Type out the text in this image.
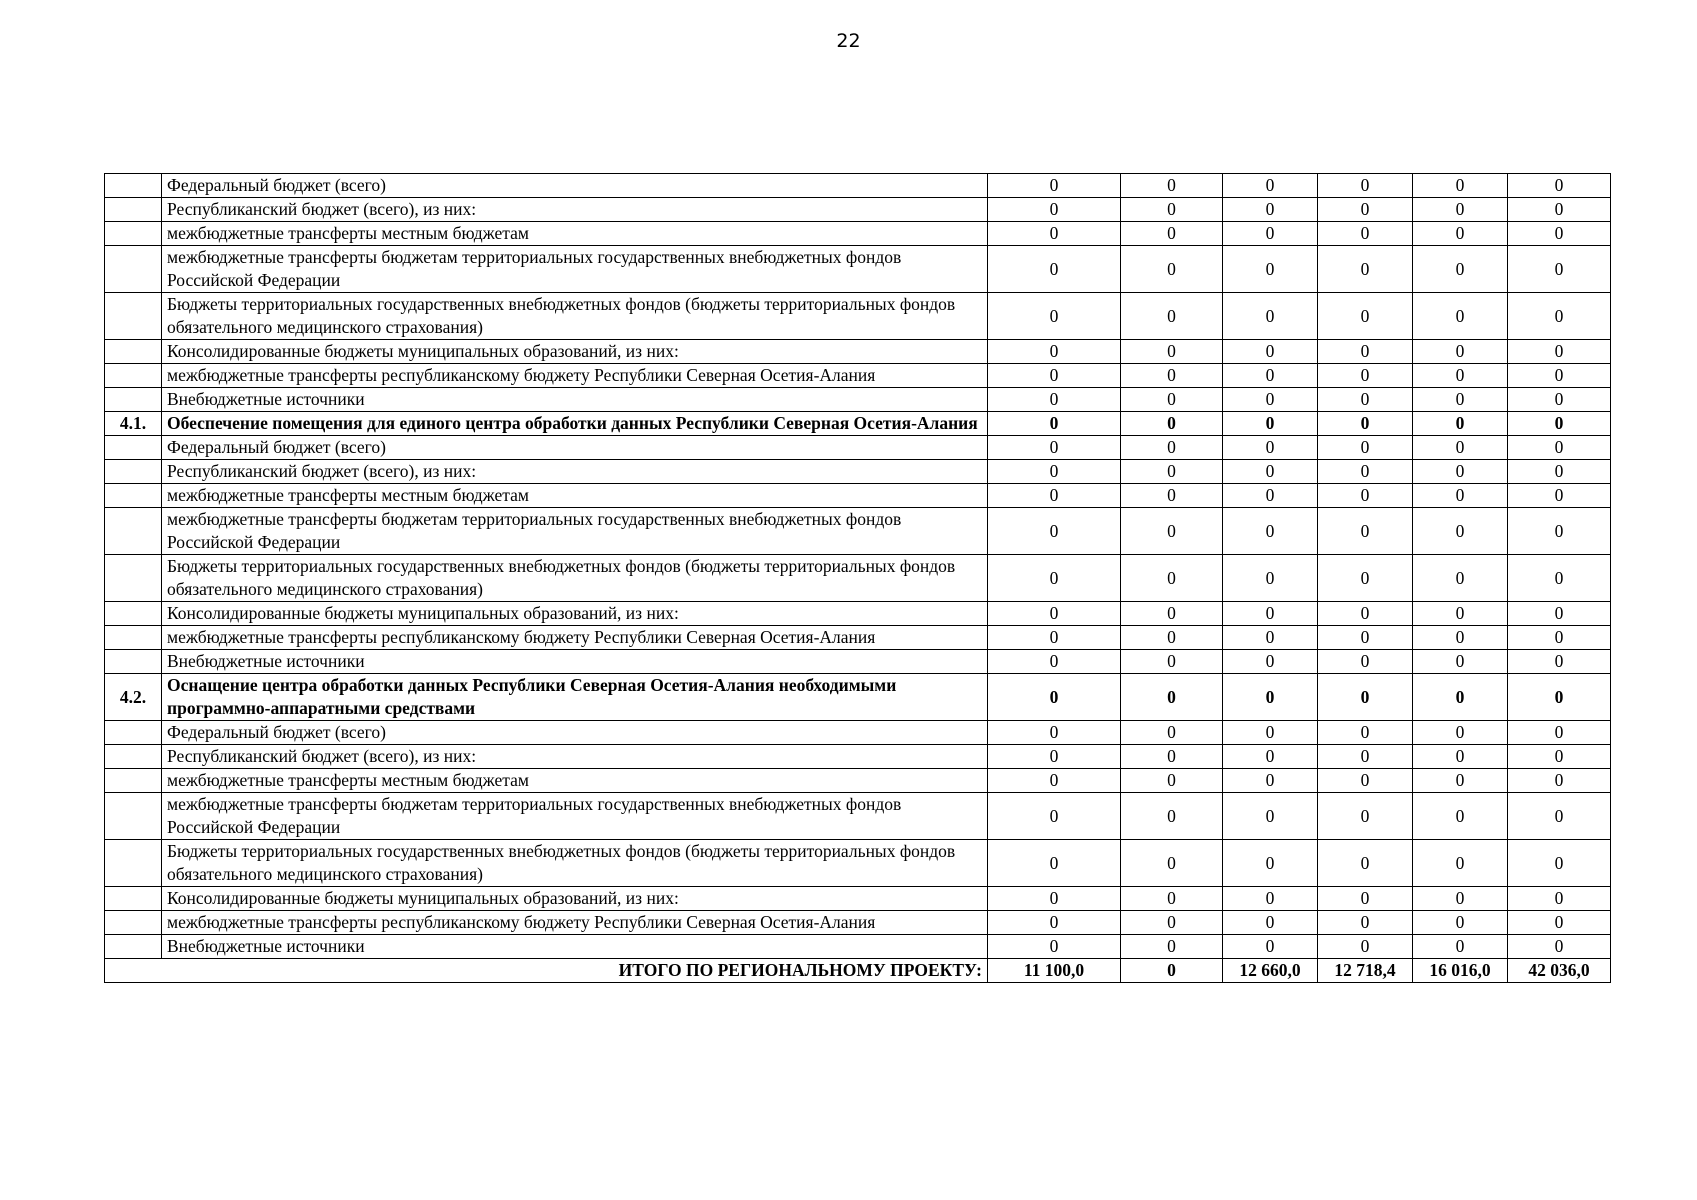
22
	Федеральный бюджет (всего)	0	0	0	0	0	0
	Республиканский бюджет (всего), из них:	0	0	0	0	0	0
	межбюджетные трансферты местным бюджетам	0	0	0	0	0	0
	межбюджетные трансферты бюджетам территориальных государственных внебюджетных фондов Российской Федерации	0	0	0	0	0	0
	Бюджеты территориальных государственных внебюджетных фондов (бюджеты территориальных фондов обязательного медицинского страхования)	0	0	0	0	0	0
	Консолидированные бюджеты муниципальных образований, из них:	0	0	0	0	0	0
	межбюджетные трансферты республиканскому бюджету Республики Северная Осетия-Алания	0	0	0	0	0	0
	Внебюджетные источники	0	0	0	0	0	0
4.1.	Обеспечение помещения для единого центра обработки данных Республики Северная Осетия-Алания	0	0	0	0	0	0
	Федеральный бюджет (всего)	0	0	0	0	0	0
	Республиканский бюджет (всего), из них:	0	0	0	0	0	0
	межбюджетные трансферты местным бюджетам	0	0	0	0	0	0
	межбюджетные трансферты бюджетам территориальных государственных внебюджетных фондов Российской Федерации	0	0	0	0	0	0
	Бюджеты территориальных государственных внебюджетных фондов (бюджеты территориальных фондов обязательного медицинского страхования)	0	0	0	0	0	0
	Консолидированные бюджеты муниципальных образований, из них:	0	0	0	0	0	0
	межбюджетные трансферты республиканскому бюджету Республики Северная Осетия-Алания	0	0	0	0	0	0
	Внебюджетные источники	0	0	0	0	0	0
4.2.	Оснащение центра обработки данных Республики Северная Осетия-Алания необходимыми программно-аппаратными средствами	0	0	0	0	0	0
	Федеральный бюджет (всего)	0	0	0	0	0	0
	Республиканский бюджет (всего), из них:	0	0	0	0	0	0
	межбюджетные трансферты местным бюджетам	0	0	0	0	0	0
	межбюджетные трансферты бюджетам территориальных государственных внебюджетных фондов Российской Федерации	0	0	0	0	0	0
	Бюджеты территориальных государственных внебюджетных фондов (бюджеты территориальных фондов обязательного медицинского страхования)	0	0	0	0	0	0
	Консолидированные бюджеты муниципальных образований, из них:	0	0	0	0	0	0
	межбюджетные трансферты республиканскому бюджету Республики Северная Осетия-Алания	0	0	0	0	0	0
	Внебюджетные источники	0	0	0	0	0	0
ИТОГО ПО РЕГИОНАЛЬНОМУ ПРОЕКТУ:		11 100,0	0	12 660,0	12 718,4	16 016,0	42 036,0
